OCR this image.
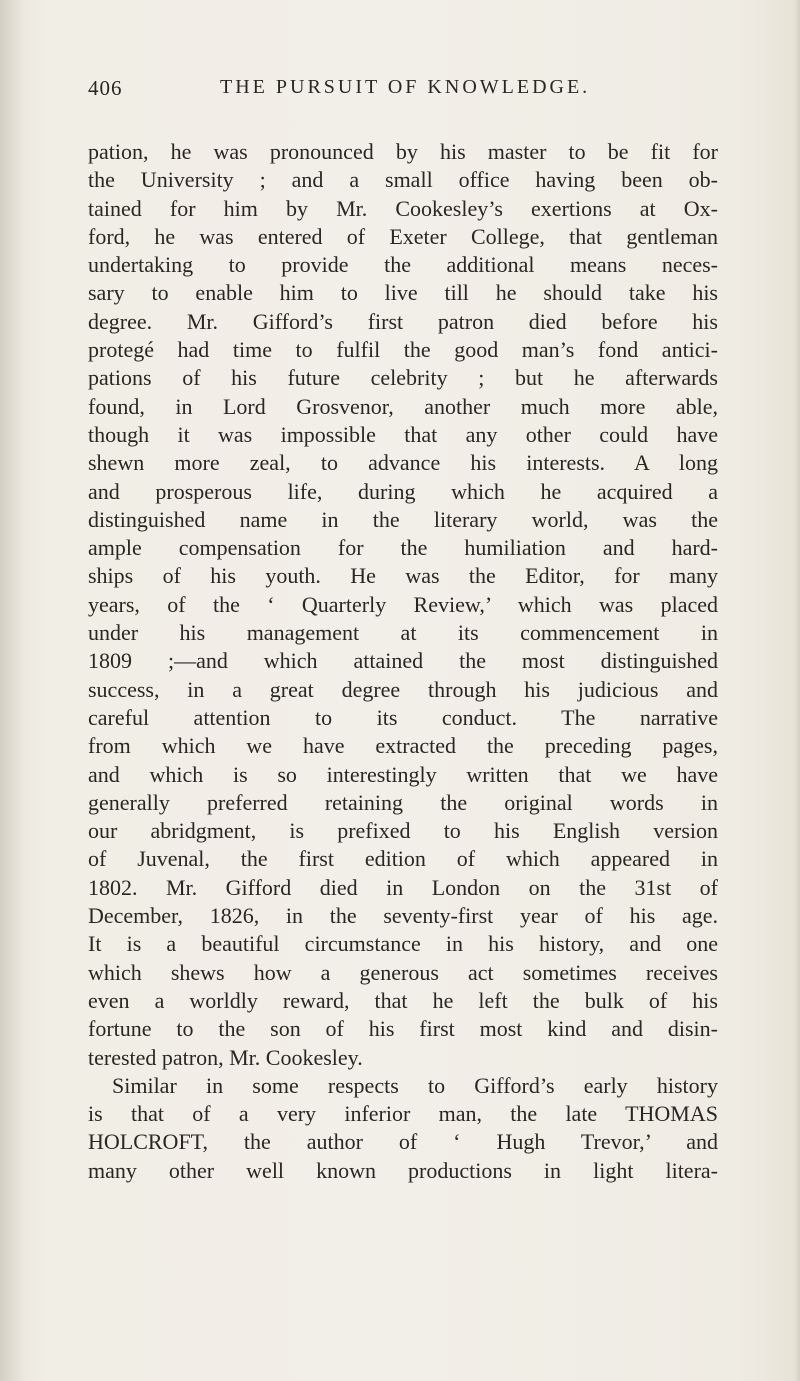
406	THE PURSUIT OF KNOWLEDGE.
pation, he was pronounced by his master to be fit for
the University ; and a small office having been ob-
tained for him by Mr. Cookesley’s exertions at Ox-
ford, he was entered of Exeter College, that gentleman
undertaking to provide the additional means neces-
sary to enable him to live till he should take his
degree. Mr. Gifford’s first patron died before his
protegé had time to fulfil the good man’s fond antici-
pations of his future celebrity ; but he afterwards
found, in Lord Grosvenor, another much more able,
though it was impossible that any other could have
shewn more zeal, to advance his interests. A long
and prosperous life, during which he acquired a
distinguished name in the literary world, was the
ample compensation for the humiliation and hard-
ships of his youth. He was the Editor, for many
years, of the ‘ Quarterly Review,’ which was placed
under his management at its commencement in
1809 ;—and which attained the most distinguished
success, in a great degree through his judicious and
careful attention to its conduct. The narrative
from which we have extracted the preceding pages,
and which is so interestingly written that we have
generally preferred retaining the original words in
our abridgment, is prefixed to his English version
of Juvenal, the first edition of which appeared in
1802. Mr. Gifford died in London on the 31st of
December, 1826, in the seventy-first year of his age.
It is a beautiful circumstance in his history, and one
which shews how a generous act sometimes receives
even a worldly reward, that he left the bulk of his
fortune to the son of his first most kind and disin-
terested patron, Mr. Cookesley.
Similar in some respects to Gifford’s early history
is that of a very inferior man, the late THOMAS
HOLCROFT, the author of ‘ Hugh Trevor,’ and
many other well known productions in light litera-
